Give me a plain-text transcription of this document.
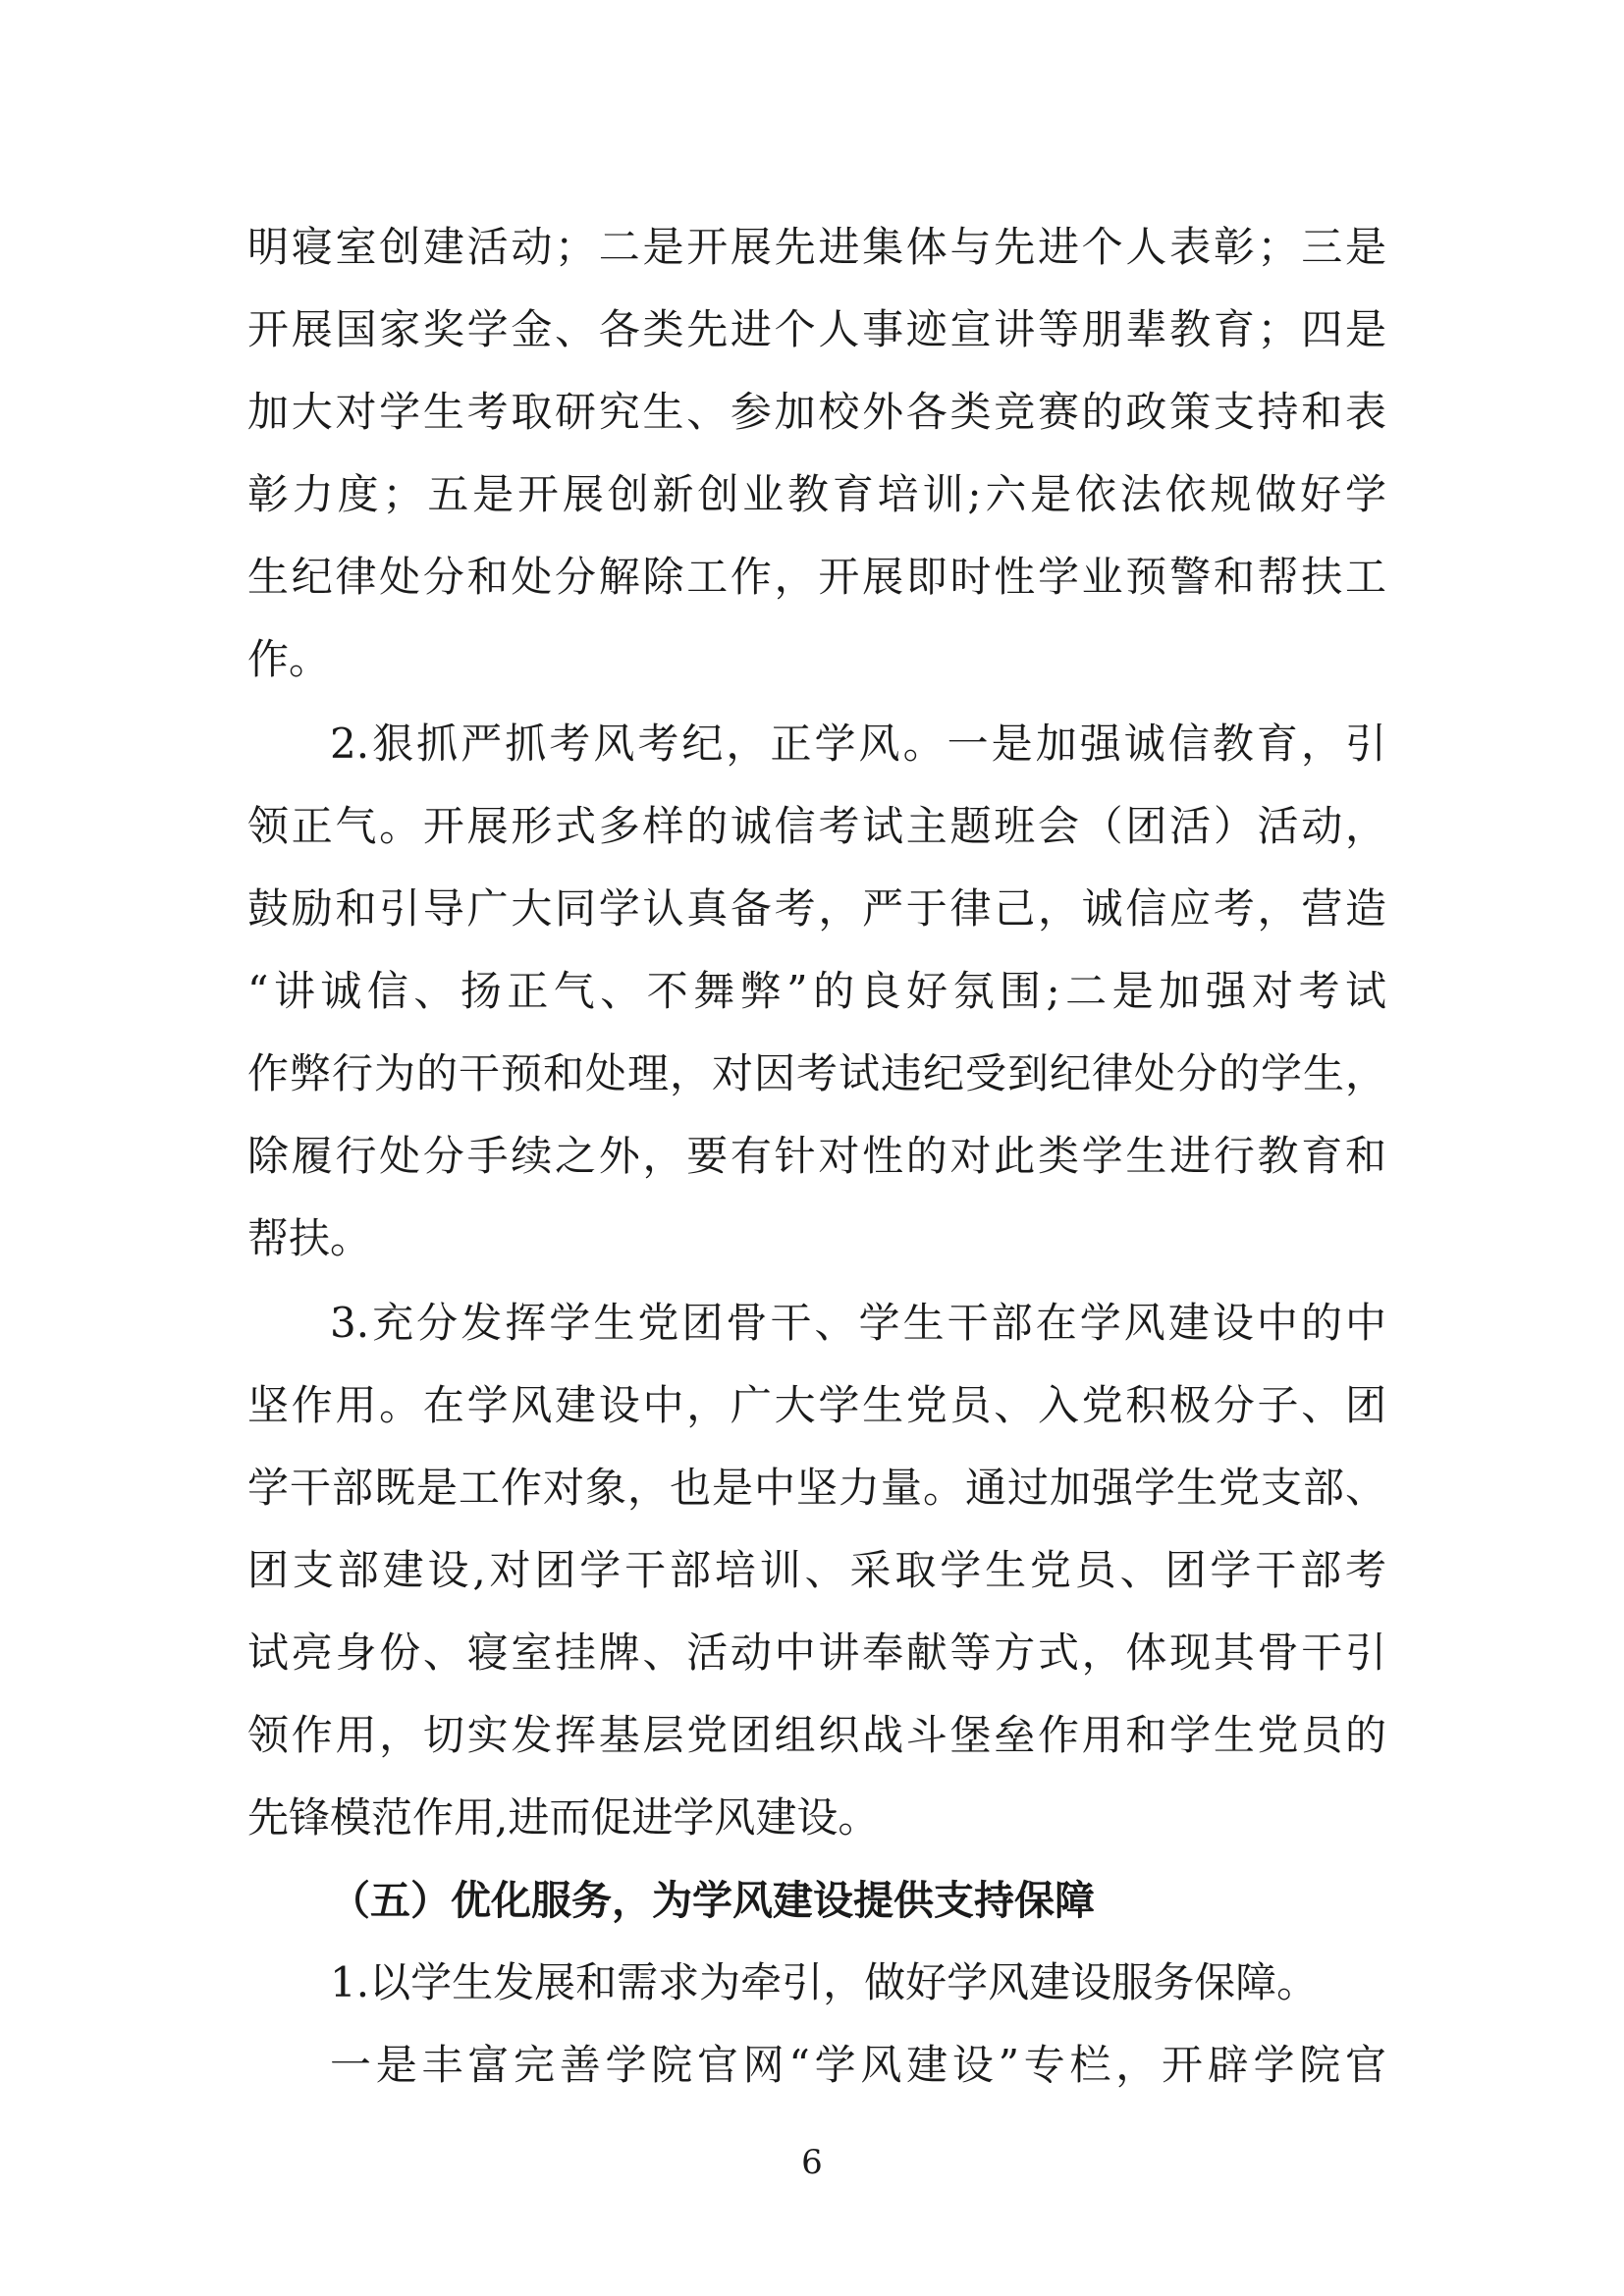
明寝室创建活动；二是开展先进集体与先进个人表彰；三是
开展国家奖学金、各类先进个人事迹宣讲等朋辈教育；四是
加大对学生考取研究生、参加校外各类竞赛的政策支持和表
彰力度；五是开展创新创业教育培训;六是依法依规做好学
生纪律处分和处分解除工作，开展即时性学业预警和帮扶工
作。
2.狠抓严抓考风考纪，正学风。一是加强诚信教育，引
领正气。开展形式多样的诚信考试主题班会（团活）活动，
鼓励和引导广大同学认真备考，严于律己，诚信应考，营造
“讲诚信、扬正气、不舞弊”的良好氛围;二是加强对考试
作弊行为的干预和处理，对因考试违纪受到纪律处分的学生，
除履行处分手续之外，要有针对性的对此类学生进行教育和
帮扶。
3.充分发挥学生党团骨干、学生干部在学风建设中的中
坚作用。在学风建设中，广大学生党员、入党积极分子、团
学干部既是工作对象，也是中坚力量。通过加强学生党支部、
团支部建设,对团学干部培训、采取学生党员、团学干部考
试亮身份、寝室挂牌、活动中讲奉献等方式，体现其骨干引
领作用，切实发挥基层党团组织战斗堡垒作用和学生党员的
先锋模范作用,进而促进学风建设。
（五）优化服务，为学风建设提供支持保障
1.以学生发展和需求为牵引，做好学风建设服务保障。
一是丰富完善学院官网“学风建设”专栏，开辟学院官
6
